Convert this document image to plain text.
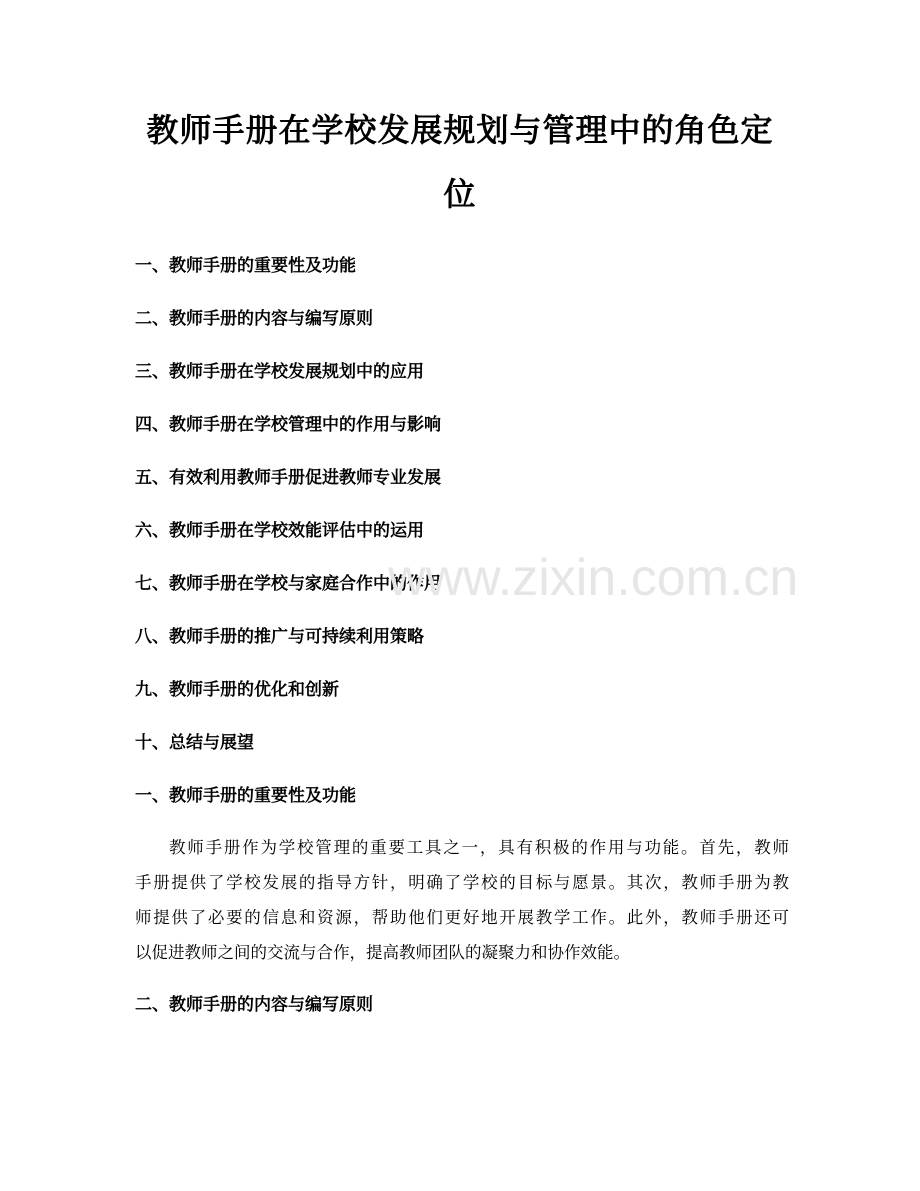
教师手册在学校发展规划与管理中的角色定
位
一、教师手册的重要性及功能
二、教师手册的内容与编写原则
三、教师手册在学校发展规划中的应用
四、教师手册在学校管理中的作用与影响
五、有效利用教师手册促进教师专业发展
六、教师手册在学校效能评估中的运用
七、教师手册在学校与家庭合作中的作用
八、教师手册的推广与可持续利用策略
九、教师手册的优化和创新
十、总结与展望
一、教师手册的重要性及功能
教师手册作为学校管理的重要工具之一，具有积极的作用与功能。首先，教师
手册提供了学校发展的指导方针，明确了学校的目标与愿景。其次，教师手册为教
师提供了必要的信息和资源，帮助他们更好地开展教学工作。此外，教师手册还可
以促进教师之间的交流与合作，提高教师团队的凝聚力和协作效能。
二、教师手册的内容与编写原则
www.zixin.com.cn
